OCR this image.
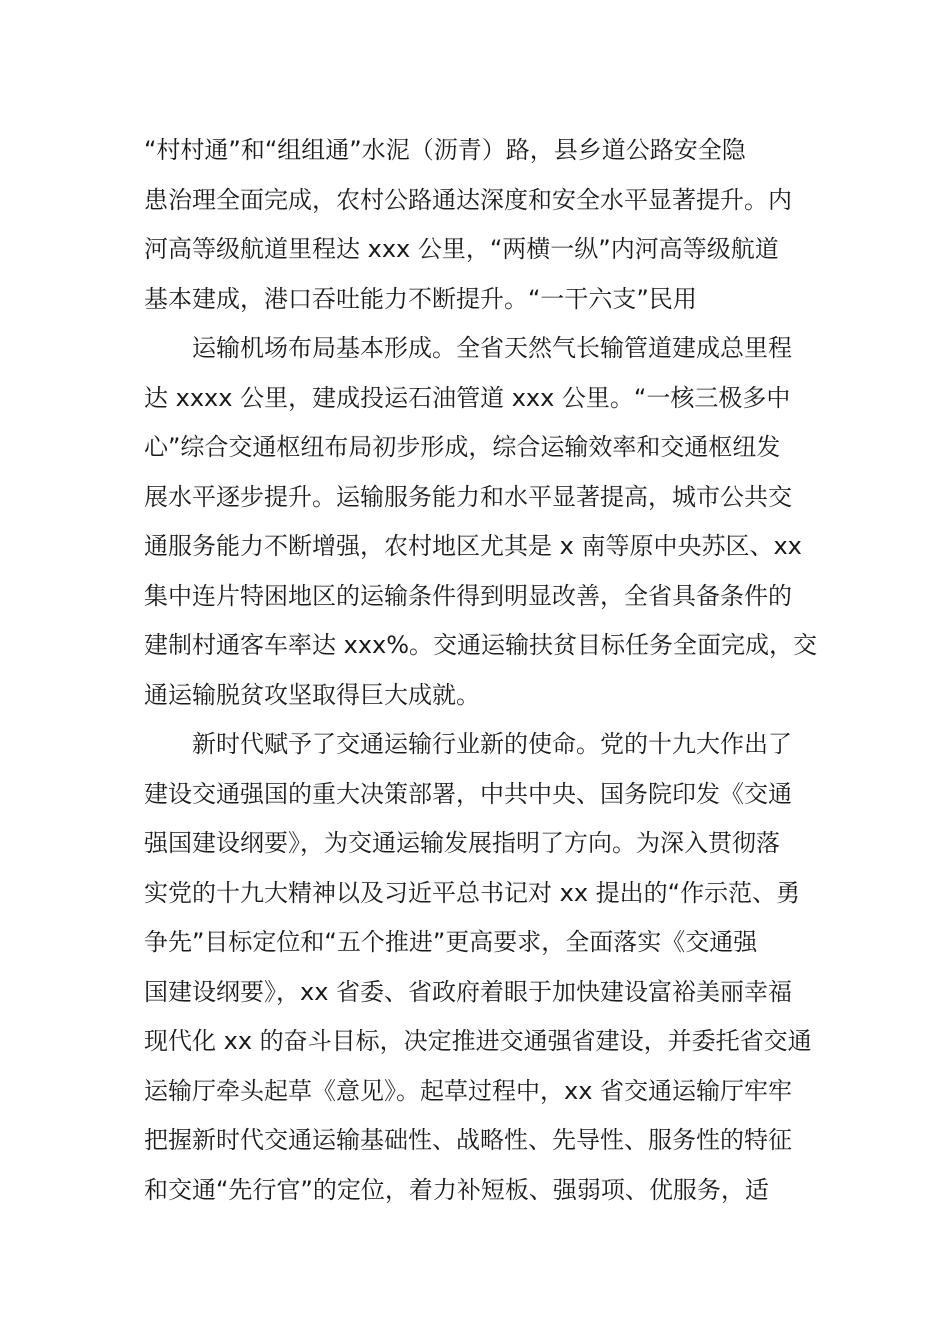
“村村通”和“组组通”水泥（沥青）路，县乡道公路安全隐
患治理全面完成，农村公路通达深度和安全水平显著提升。内
河高等级航道里程达 xxx 公里，“两横一纵”内河高等级航道
基本建成，港口吞吐能力不断提升。“一干六支”民用
运输机场布局基本形成。全省天然气长输管道建成总里程
达 xxxx 公里，建成投运石油管道 xxx 公里。“一核三极多中
心”综合交通枢纽布局初步形成，综合运输效率和交通枢纽发
展水平逐步提升。运输服务能力和水平显著提高，城市公共交
通服务能力不断增强，农村地区尤其是 x 南等原中央苏区、xx
集中连片特困地区的运输条件得到明显改善，全省具备条件的
建制村通客车率达 xxx%。交通运输扶贫目标任务全面完成，交
通运输脱贫攻坚取得巨大成就。
新时代赋予了交通运输行业新的使命。党的十九大作出了
建设交通强国的重大决策部署，中共中央、国务院印发《交通
强国建设纲要》，为交通运输发展指明了方向。为深入贯彻落
实党的十九大精神以及习近平总书记对 xx 提出的“作示范、勇
争先”目标定位和“五个推进”更高要求，全面落实《交通强
国建设纲要》，xx 省委、省政府着眼于加快建设富裕美丽幸福
现代化 xx 的奋斗目标，决定推进交通强省建设，并委托省交通
运输厅牵头起草《意见》。起草过程中，xx 省交通运输厅牢牢
把握新时代交通运输基础性、战略性、先导性、服务性的特征
和交通“先行官”的定位，着力补短板、强弱项、优服务，适
